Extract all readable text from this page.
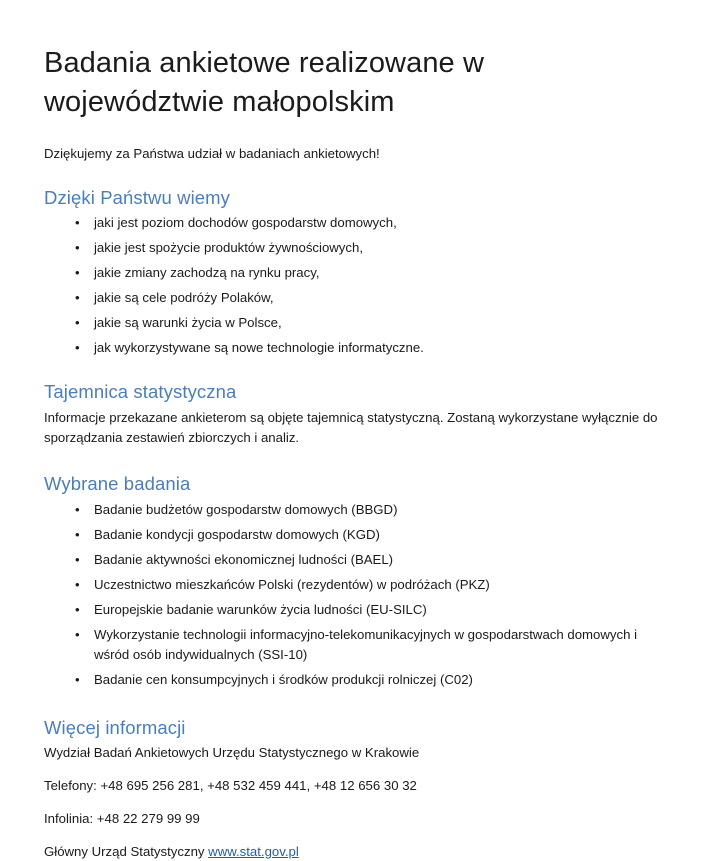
Badania ankietowe realizowane w województwie małopolskim

Dziękujemy za Państwa udział w badaniach ankietowych!

Dzięki Państwu wiemy
• jaki jest poziom dochodów gospodarstw domowych,
• jakie jest spożycie produktów żywnościowych,
• jakie zmiany zachodzą na rynku pracy,
• jakie są cele podróży Polaków,
• jakie są warunki życia w Polsce,
• jak wykorzystywane są nowe technologie informatyczne.
Tajemnica statystyczna

Informacje przekazane ankieterom są objęte tajemnicą statystyczną. Zostaną wykorzystane wyłącznie do sporządzania zestawień zbiorczych i analiz.

Wybrane badania
• Badanie budżetów gospodarstw domowych (BBGD)
• Badanie kondycji gospodarstw domowych (KGD)
• Badanie aktywności ekonomicznej ludności (BAEL)
• Uczestnictwo mieszkańców Polski (rezydentów) w podróżach (PKZ)
• Europejskie badanie warunków życia ludności (EU-SILC)
• Wykorzystanie technologii informacyjno-telekomunikacyjnych w gospodarstwach domowych i wśród osób indywidualnych (SSI-10)
• Badanie cen konsumpcyjnych i środków produkcji rolniczej (C02)
Więcej informacji

Wydział Badań Ankietowych Urzędu Statystycznego w Krakowie

Telefony: +48 695 256 281, +48 532 459 441, +48 12 656 30 32

Infolinia: +48 22 279 99 99

Główny Urząd Statystyczny www.stat.gov.pl
